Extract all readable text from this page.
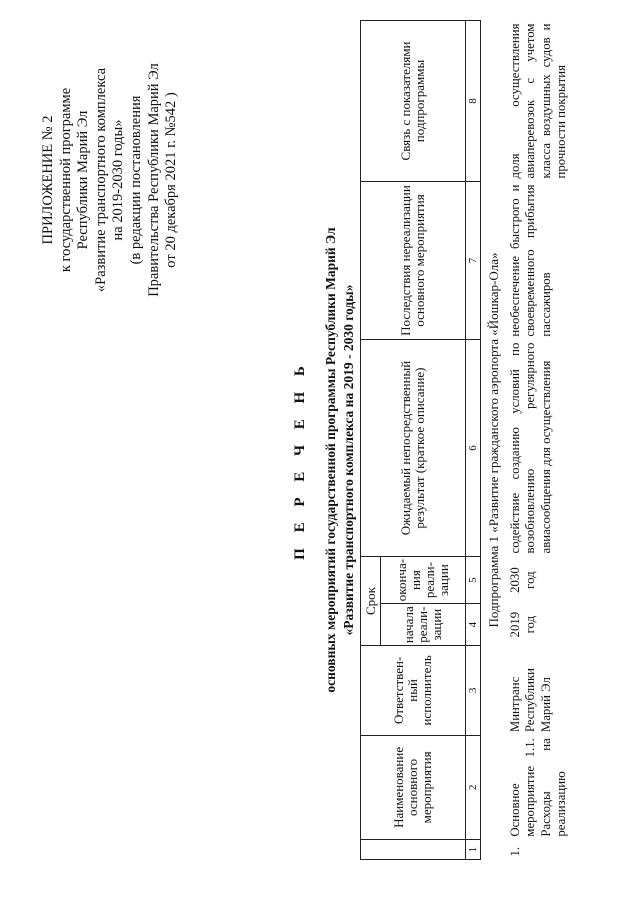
ПРИЛОЖЕНИЕ № 2 к государственной программе Республики Марий Эл «Развитие транспортного комплекса на 2019-2030 годы» (в редакции постановления Правительства Республики Марий Эл от 20 декабря 2021 г. №542 )
П Е Р Е Ч Е Н Ь основных мероприятий государственной программы Республики Марий Эл «Развитие транспортного комплекса на 2019 - 2030 годы»
	Наименование основного мероприятия	Ответствен-ный исполнитель	Срок		Ожидаемый непосредственный результат (краткое описание)	Последствия нереализации основного мероприятия	Связь с показателями подпрограммы
			начала реали-зации	оконча-ния реали-зации			
1	2	3	4	5	6	7	8
Подпрограмма 1 «Развитие гражданского аэропорта «Йошкар-Ола»							
1.	Основное мероприятие 1.1. Расходы на реализацию	Минтранс Республики Марий Эл	2019 год	2030 год	содействие созданию условий по возобновлению регулярного авиасообщения для осуществления	необеспечение быстрого и своевременного прибытия пассажиров	доля осуществления авиаперевозок с учетом класса воздушных судов и прочности покрытия
